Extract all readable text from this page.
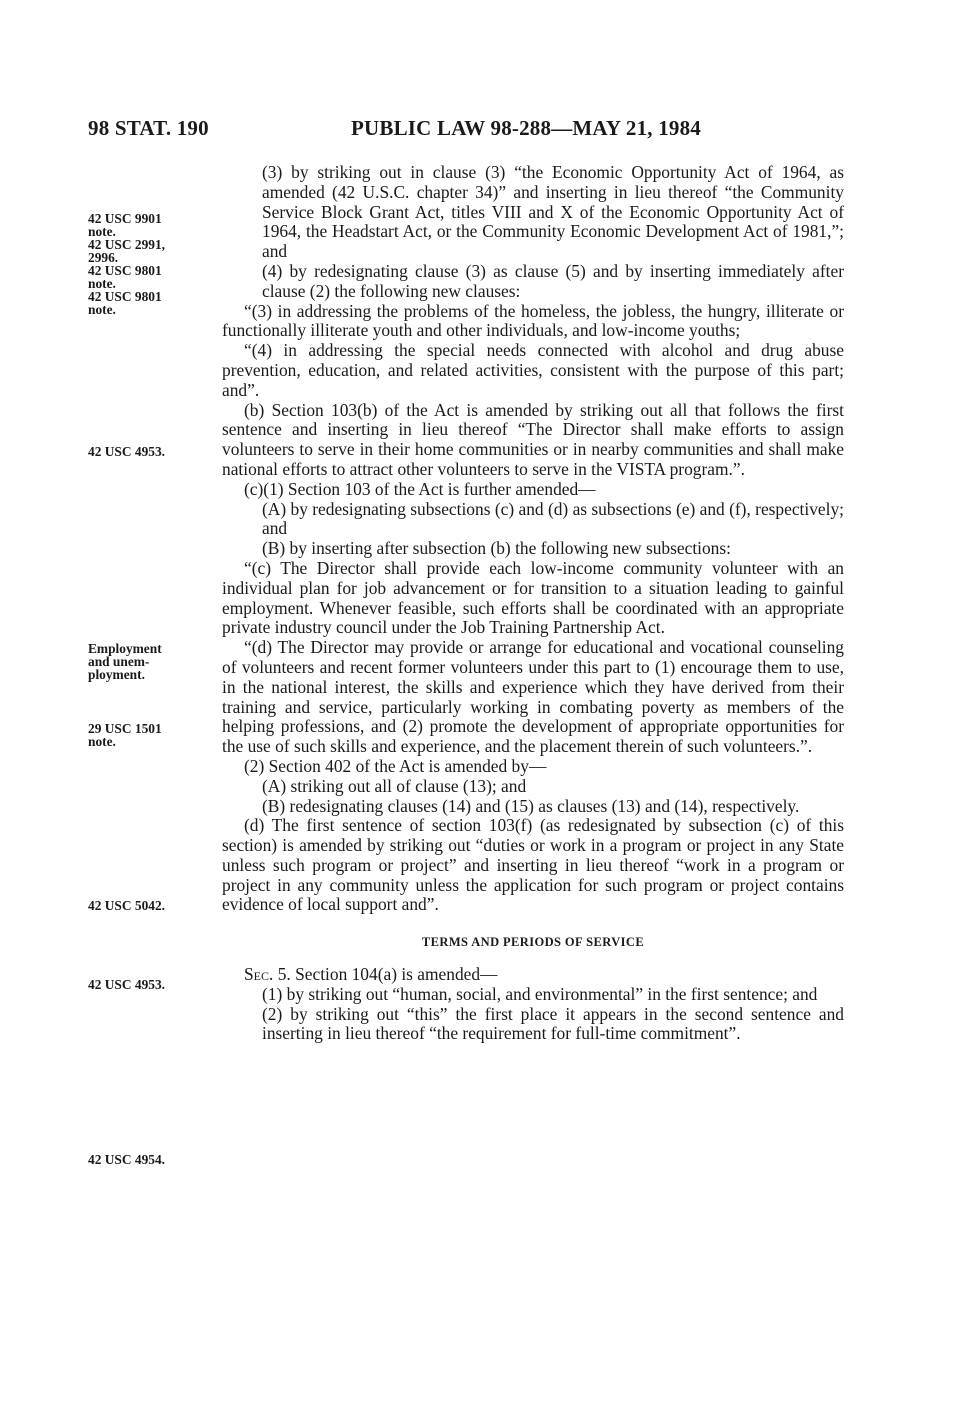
98 STAT. 190	PUBLIC LAW 98-288—MAY 21, 1984
42 USC 9901
note.
42 USC 2991,
2996.
42 USC 9801
note.
42 USC 9801
note.
42 USC 4953.
Employment
and unem-
ployment.
29 USC 1501
note.
42 USC 5042.
42 USC 4953.
42 USC 4954.

(3) by striking out in clause (3) “the Economic Opportunity Act of 1964, as amended (42 U.S.C. chapter 34)” and inserting in lieu thereof “the Community Service Block Grant Act, titles VIII and X of the Economic Opportunity Act of 1964, the Headstart Act, or the Community Economic Development Act of 1981,”; and

(4) by redesignating clause (3) as clause (5) and by inserting immediately after clause (2) the following new clauses:

“(3) in addressing the problems of the homeless, the jobless, the hungry, illiterate or functionally illiterate youth and other individuals, and low-income youths;

“(4) in addressing the special needs connected with alcohol and drug abuse prevention, education, and related activities, consistent with the purpose of this part; and”.

(b) Section 103(b) of the Act is amended by striking out all that follows the first sentence and inserting in lieu thereof “The Director shall make efforts to assign volunteers to serve in their home communities or in nearby communities and shall make national efforts to attract other volunteers to serve in the VISTA program.”.

(c)(1) Section 103 of the Act is further amended—

(A) by redesignating subsections (c) and (d) as subsections (e) and (f), respectively; and

(B) by inserting after subsection (b) the following new subsections:

“(c) The Director shall provide each low-income community volunteer with an individual plan for job advancement or for transition to a situation leading to gainful employment. Whenever feasible, such efforts shall be coordinated with an appropriate private industry council under the Job Training Partnership Act.

“(d) The Director may provide or arrange for educational and vocational counseling of volunteers and recent former volunteers under this part to (1) encourage them to use, in the national interest, the skills and experience which they have derived from their training and service, particularly working in combating poverty as members of the helping professions, and (2) promote the development of appropriate opportunities for the use of such skills and experience, and the placement therein of such volunteers.”.

(2) Section 402 of the Act is amended by—

(A) striking out all of clause (13); and

(B) redesignating clauses (14) and (15) as clauses (13) and (14), respectively.

(d) The first sentence of section 103(f) (as redesignated by subsection (c) of this section) is amended by striking out “duties or work in a program or project in any State unless such program or project” and inserting in lieu thereof “work in a program or project in any community unless the application for such program or project contains evidence of local support and”.

TERMS AND PERIODS OF SERVICE

Sec. 5. Section 104(a) is amended—

(1) by striking out “human, social, and environmental” in the first sentence; and

(2) by striking out “this” the first place it appears in the second sentence and inserting in lieu thereof “the requirement for full-time commitment”.
